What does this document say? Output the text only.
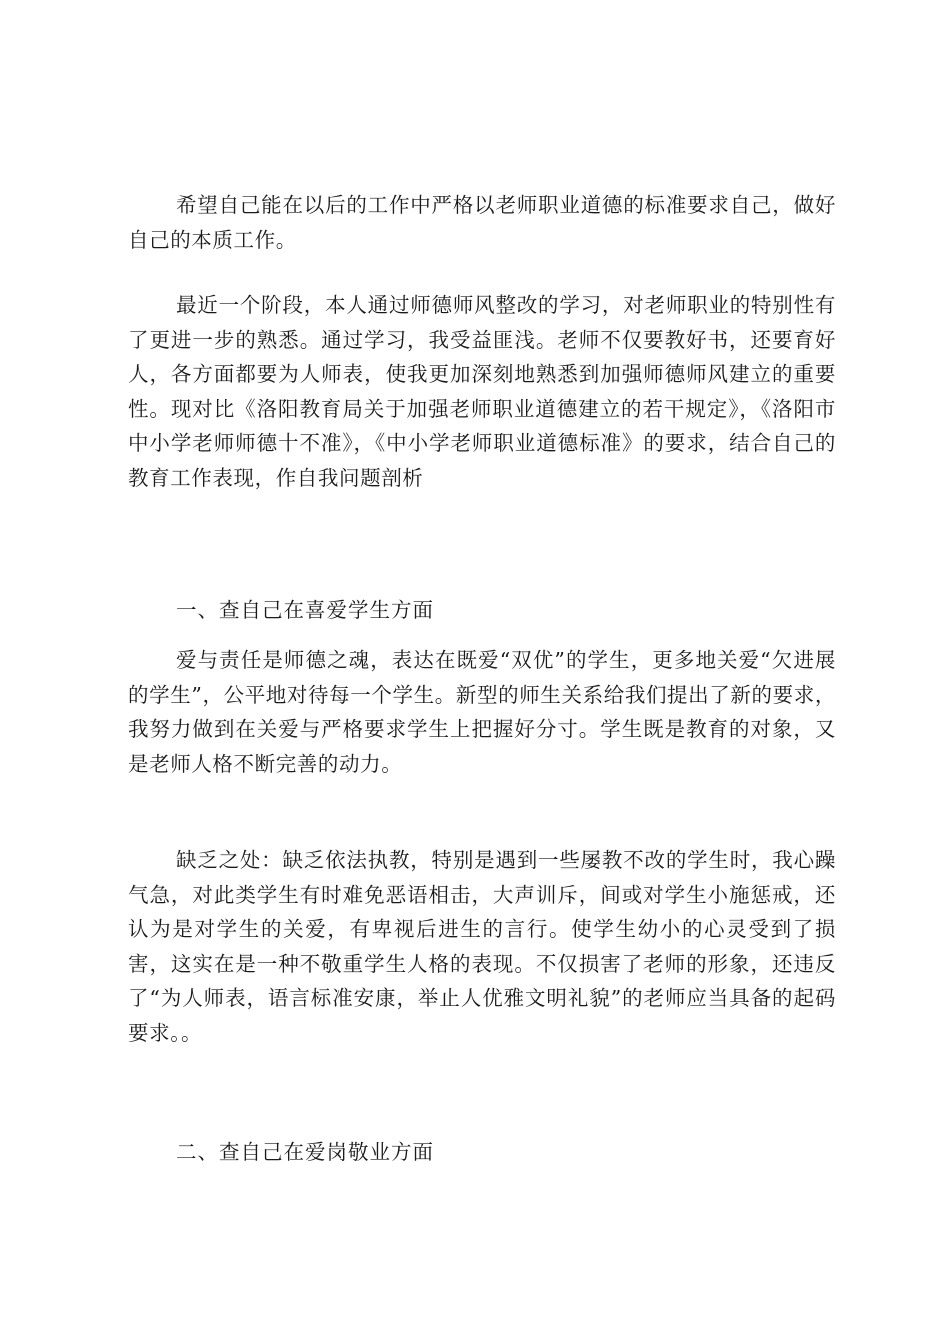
希望自己能在以后的工作中严格以老师职业道德的标准要求自己，做好自己的本质工作。

最近一个阶段，本人通过师德师风整改的学习，对老师职业的特别性有了更进一步的熟悉。通过学习，我受益匪浅。老师不仅要教好书，还要育好人，各方面都要为人师表，使我更加深刻地熟悉到加强师德师风建立的重要性。现对比《洛阳教育局关于加强老师职业道德建立的若干规定》，《洛阳市中小学老师师德十不准》，《中小学老师职业道德标准》的要求，结合自己的教育工作表现，作自我问题剖析

一、查自己在喜爱学生方面

爱与责任是师德之魂，表达在既爱“双优”的学生，更多地关爱“欠进展的学生”，公平地对待每一个学生。新型的师生关系给我们提出了新的要求，我努力做到在关爱与严格要求学生上把握好分寸。学生既是教育的对象，又是老师人格不断完善的动力。

缺乏之处：缺乏依法执教，特别是遇到一些屡教不改的学生时，我心躁气急，对此类学生有时难免恶语相击，大声训斥，间或对学生小施惩戒，还认为是对学生的关爱，有卑视后进生的言行。使学生幼小的心灵受到了损害，这实在是一种不敬重学生人格的表现。不仅损害了老师的形象，还违反了“为人师表，语言标准安康，举止人优雅文明礼貌”的老师应当具备的起码要求。。

二、查自己在爱岗敬业方面
